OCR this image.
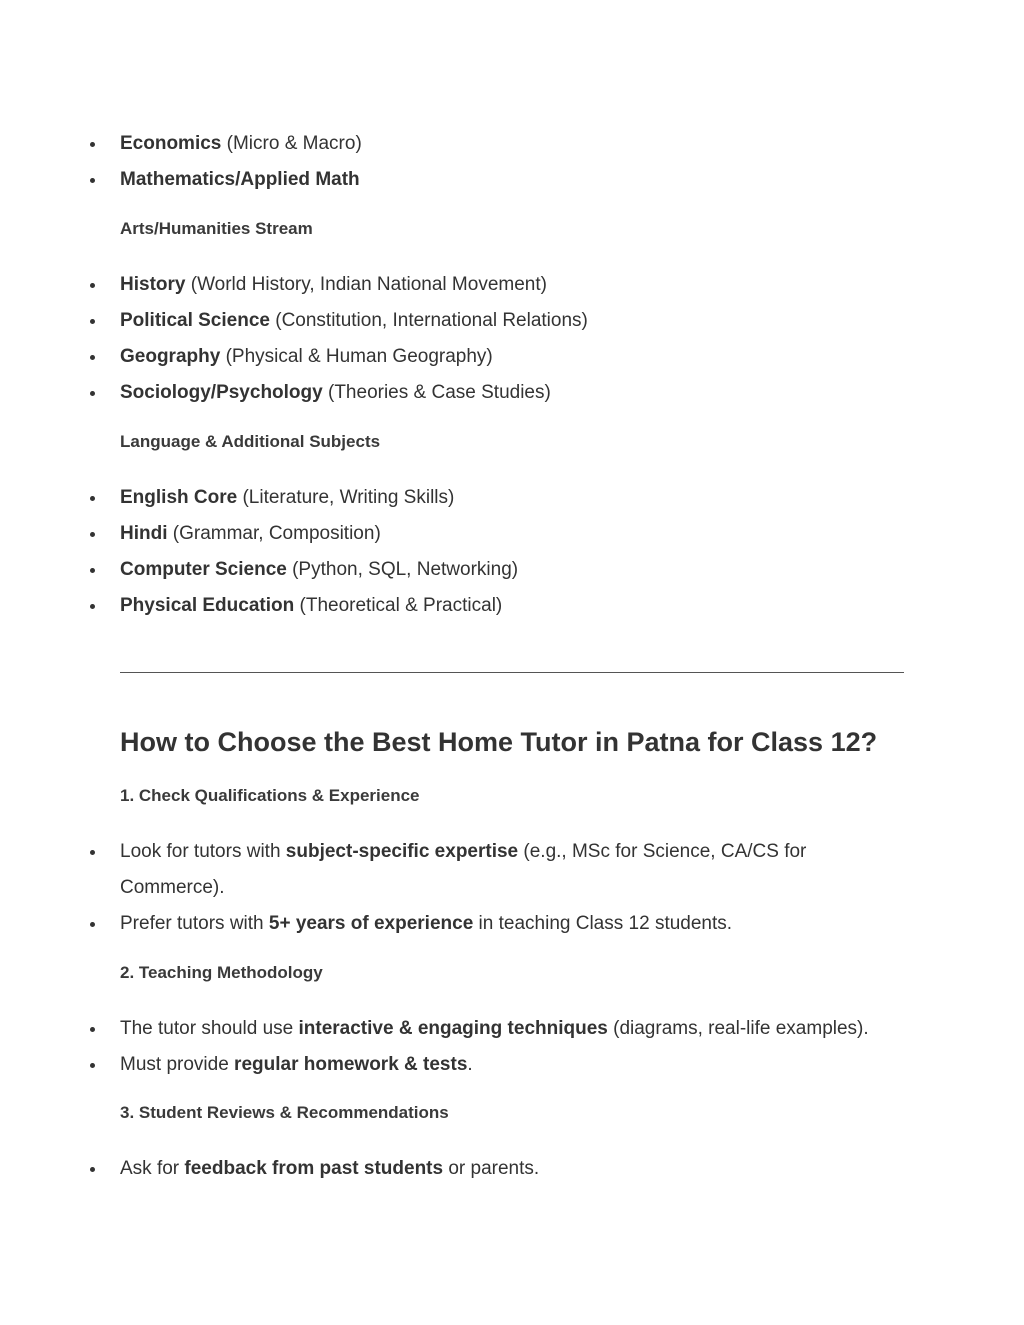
Economics (Micro & Macro)
Mathematics/Applied Math
Arts/Humanities Stream
History (World History, Indian National Movement)
Political Science (Constitution, International Relations)
Geography (Physical & Human Geography)
Sociology/Psychology (Theories & Case Studies)
Language & Additional Subjects
English Core (Literature, Writing Skills)
Hindi (Grammar, Composition)
Computer Science (Python, SQL, Networking)
Physical Education (Theoretical & Practical)
How to Choose the Best Home Tutor in Patna for Class 12?
1. Check Qualifications & Experience
Look for tutors with subject-specific expertise (e.g., MSc for Science, CA/CS for
Commerce).
Prefer tutors with 5+ years of experience in teaching Class 12 students.
2. Teaching Methodology
The tutor should use interactive & engaging techniques (diagrams, real-life examples).
Must provide regular homework & tests.
3. Student Reviews & Recommendations
Ask for feedback from past students or parents.
